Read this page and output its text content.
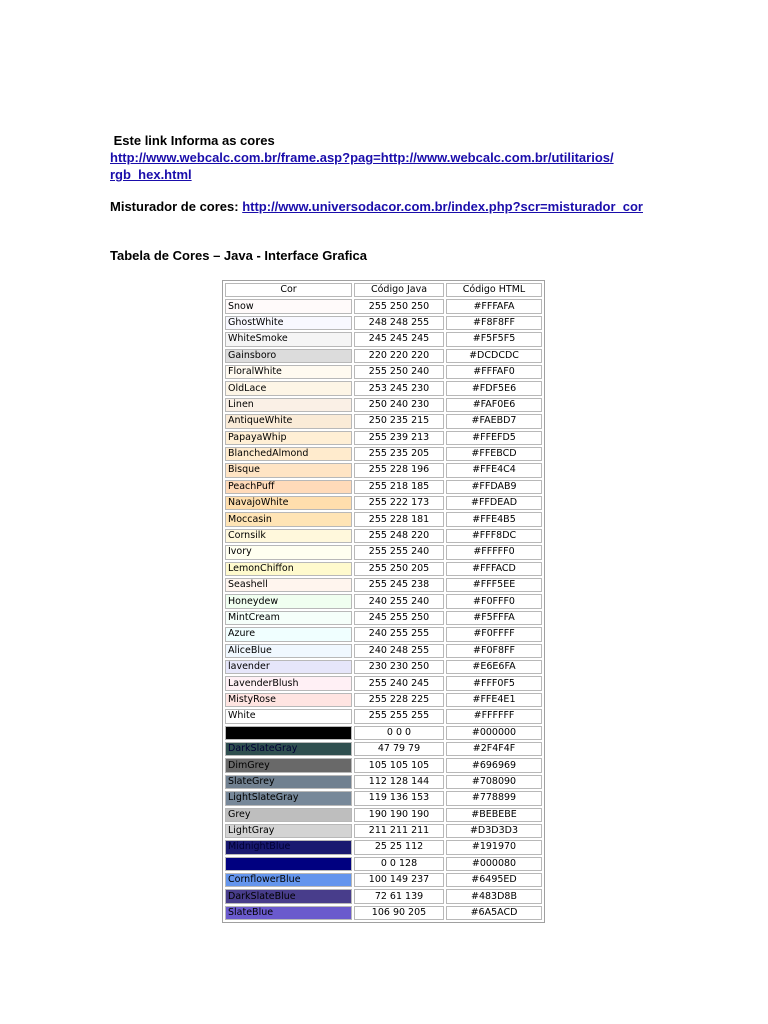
Este link Informa as cores
http://www.webcalc.com.br/frame.asp?pag=http://www.webcalc.com.br/utilitarios/
rgb_hex.html
Misturador de cores: http://www.universodacor.com.br/index.php?scr=misturador_cor
Tabela de Cores – Java - Interface Grafica
Cor	Código Java	Código HTML
Snow	255 250 250	#FFFAFA
GhostWhite	248 248 255	#F8F8FF
WhiteSmoke	245 245 245	#F5F5F5
Gainsboro	220 220 220	#DCDCDC
FloralWhite	255 250 240	#FFFAF0
OldLace	253 245 230	#FDF5E6
Linen	250 240 230	#FAF0E6
AntiqueWhite	250 235 215	#FAEBD7
PapayaWhip	255 239 213	#FFEFD5
BlanchedAlmond	255 235 205	#FFEBCD
Bisque	255 228 196	#FFE4C4
PeachPuff	255 218 185	#FFDAB9
NavajoWhite	255 222 173	#FFDEAD
Moccasin	255 228 181	#FFE4B5
Cornsilk	255 248 220	#FFF8DC
Ivory	255 255 240	#FFFFF0
LemonChiffon	255 250 205	#FFFACD
Seashell	255 245 238	#FFF5EE
Honeydew	240 255 240	#F0FFF0
MintCream	245 255 250	#F5FFFA
Azure	240 255 255	#F0FFFF
AliceBlue	240 248 255	#F0F8FF
lavender	230 230 250	#E6E6FA
LavenderBlush	255 240 245	#FFF0F5
MistyRose	255 228 225	#FFE4E1
White	255 255 255	#FFFFFF
	0 0 0	#000000
DarkSlateGray	47 79 79	#2F4F4F
DimGrey	105 105 105	#696969
SlateGrey	112 128 144	#708090
LightSlateGray	119 136 153	#778899
Grey	190 190 190	#BEBEBE
LightGray	211 211 211	#D3D3D3
MidnightBlue	25 25 112	#191970
	0 0 128	#000080
CornflowerBlue	100 149 237	#6495ED
DarkSlateBlue	72 61 139	#483D8B
SlateBlue	106 90 205	#6A5ACD
